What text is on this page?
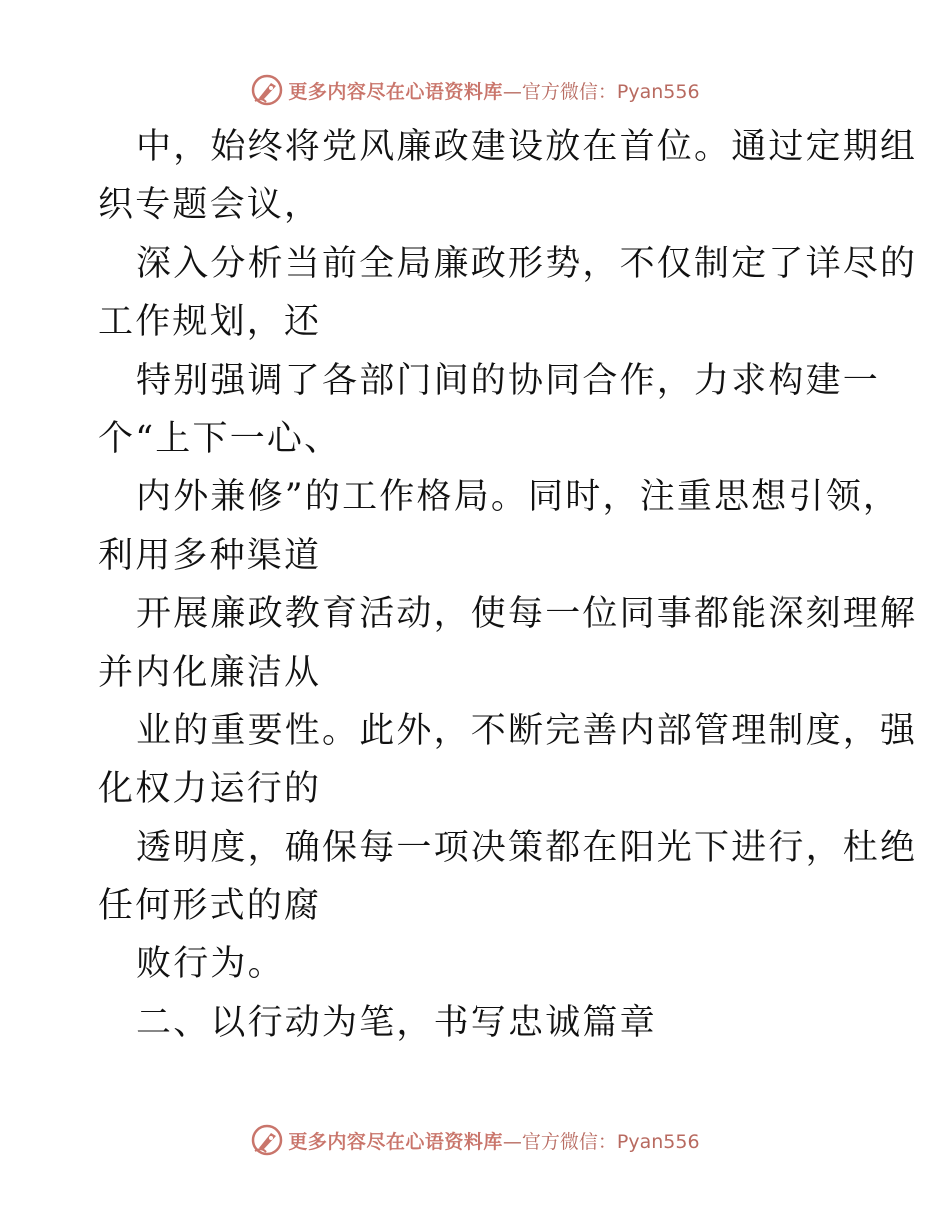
更多内容尽在心语资料库 —官方微信：Pyan556
中，始终将党风廉政建设放在首位。通过定期组
织专题会议，
深入分析当前全局廉政形势，不仅制定了详尽的
工作规划，还
特别强调了各部门间的协同合作，力求构建一
个“上下一心、
内外兼修”的工作格局。同时，注重思想引领，
利用多种渠道
开展廉政教育活动，使每一位同事都能深刻理解
并内化廉洁从
业的重要性。此外，不断完善内部管理制度，强
化权力运行的
透明度，确保每一项决策都在阳光下进行，杜绝
任何形式的腐
败行为。
二、以行动为笔，书写忠诚篇章
更多内容尽在心语资料库 —官方微信：Pyan556
